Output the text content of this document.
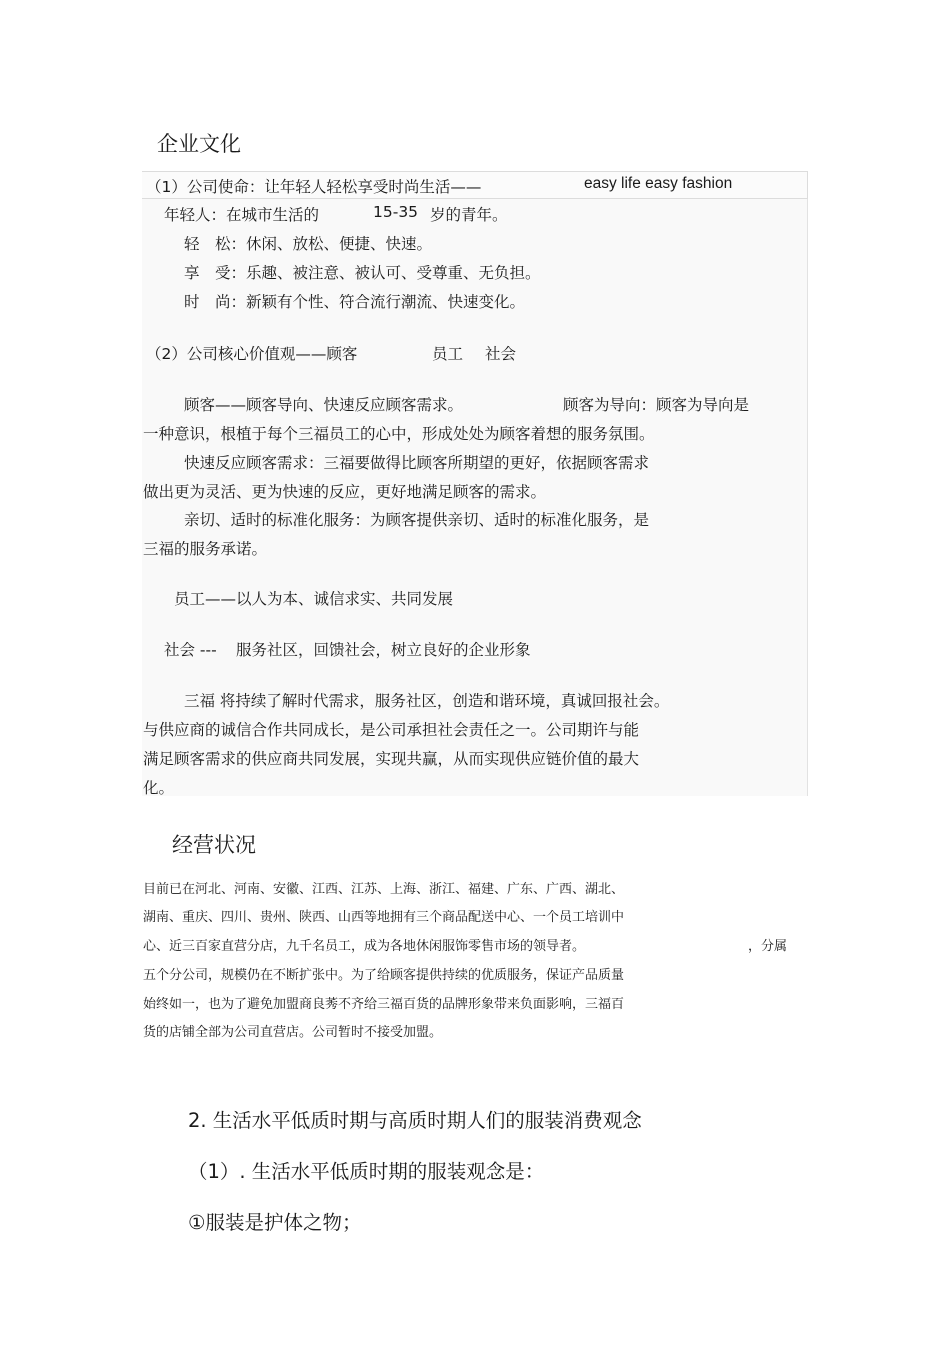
企业文化
（1）公司使命：让年轻人轻松享受时尚生活——	easy life easy fashion
年轻人：在城市生活的	15-35 岁的青年。
轻　松：休闲、放松、便捷、快速。
享　受：乐趣、被注意、被认可、受尊重、无负担。
时　尚：新颖有个性、符合流行潮流、快速变化。
（2）公司核心价值观——顾客	员工 社会
顾客——顾客导向、快速反应顾客需求。	顾客为导向：顾客为导向是
一种意识，根植于每个三福员工的心中，形成处处为顾客着想的服务氛围。
快速反应顾客需求：三福要做得比顾客所期望的更好，依据顾客需求
做出更为灵活、更为快速的反应，更好地满足顾客的需求。
亲切、适时的标准化服务：为顾客提供亲切、适时的标准化服务，是
三福的服务承诺。
员工——以人为本、诚信求实、共同发展
社会 --- 服务社区，回馈社会，树立良好的企业形象
三福 将持续了解时代需求，服务社区，创造和谐环境，真诚回报社会。
与供应商的诚信合作共同成长，是公司承担社会责任之一。公司期许与能
满足顾客需求的供应商共同发展，实现共赢，从而实现供应链价值的最大
化。
经营状况
目前已在河北、河南、安徽、江西、江苏、上海、浙江、福建、广东、广西、湖北、
湖南、重庆、四川、贵州、陕西、山西等地拥有三个商品配送中心、一个员工培训中
心、近三百家直营分店，九千名员工，成为各地休闲服饰零售市场的领导者。	，分属
五个分公司，规模仍在不断扩张中。为了给顾客提供持续的优质服务，保证产品质量
始终如一，也为了避免加盟商良莠不齐给三福百货的品牌形象带来负面影响，三福百
货的店铺全部为公司直营店。公司暂时不接受加盟。
2. 生活水平低质时期与高质时期人们的服装消费观念
（1）. 生活水平低质时期的服装观念是：
①服装是护体之物；
